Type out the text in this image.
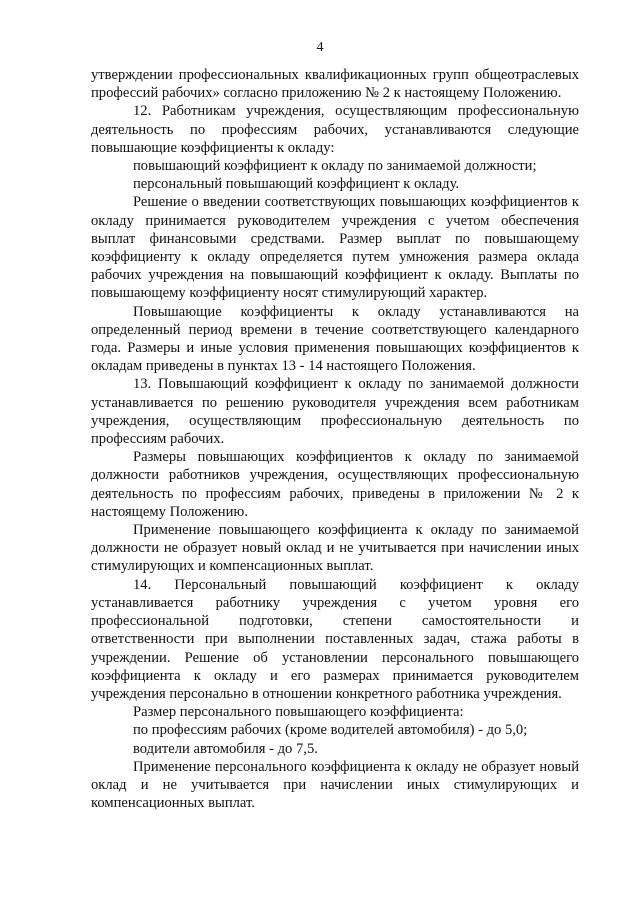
4

утверждении профессиональных квалификационных групп общеотраслевых профессий рабочих» согласно приложению № 2 к настоящему Положению.

12. Работникам учреждения, осуществляющим профессиональную деятельность по профессиям рабочих, устанавливаются следующие повышающие коэффициенты к окладу:

повышающий коэффициент к окладу по занимаемой должности;

персональный повышающий коэффициент к окладу.

Решение о введении соответствующих повышающих коэффициентов к окладу принимается руководителем учреждения с учетом обеспечения выплат финансовыми средствами. Размер выплат по повышающему коэффициенту к окладу определяется путем умножения размера оклада рабочих учреждения на повышающий коэффициент к окладу. Выплаты по повышающему коэффициенту носят стимулирующий характер.

Повышающие коэффициенты к окладу устанавливаются на определенный период времени в течение соответствующего календарного года. Размеры и иные условия применения повышающих коэффициентов к окладам приведены в пунктах 13 - 14 настоящего Положения.

13. Повышающий коэффициент к окладу по занимаемой должности устанавливается по решению руководителя учреждения всем работникам учреждения, осуществляющим профессиональную деятельность по профессиям рабочих.

Размеры повышающих коэффициентов к окладу по занимаемой должности работников учреждения, осуществляющих профессиональную деятельность по профессиям рабочих, приведены в приложении № 2 к настоящему Положению.

Применение повышающего коэффициента к окладу по занимаемой должности не образует новый оклад и не учитывается при начислении иных стимулирующих и компенсационных выплат.

14. Персональный повышающий коэффициент к окладу устанавливается работнику учреждения с учетом уровня его профессиональной подготовки, степени самостоятельности и ответственности при выполнении поставленных задач, стажа работы в учреждении. Решение об установлении персонального повышающего коэффициента к окладу и его размерах принимается руководителем учреждения персонально в отношении конкретного работника учреждения.

Размер персонального повышающего коэффициента:

по профессиям рабочих (кроме водителей автомобиля) - до 5,0;

водители автомобиля - до 7,5.

Применение персонального коэффициента к окладу не образует новый оклад и не учитывается при начислении иных стимулирующих и компенсационных выплат.
